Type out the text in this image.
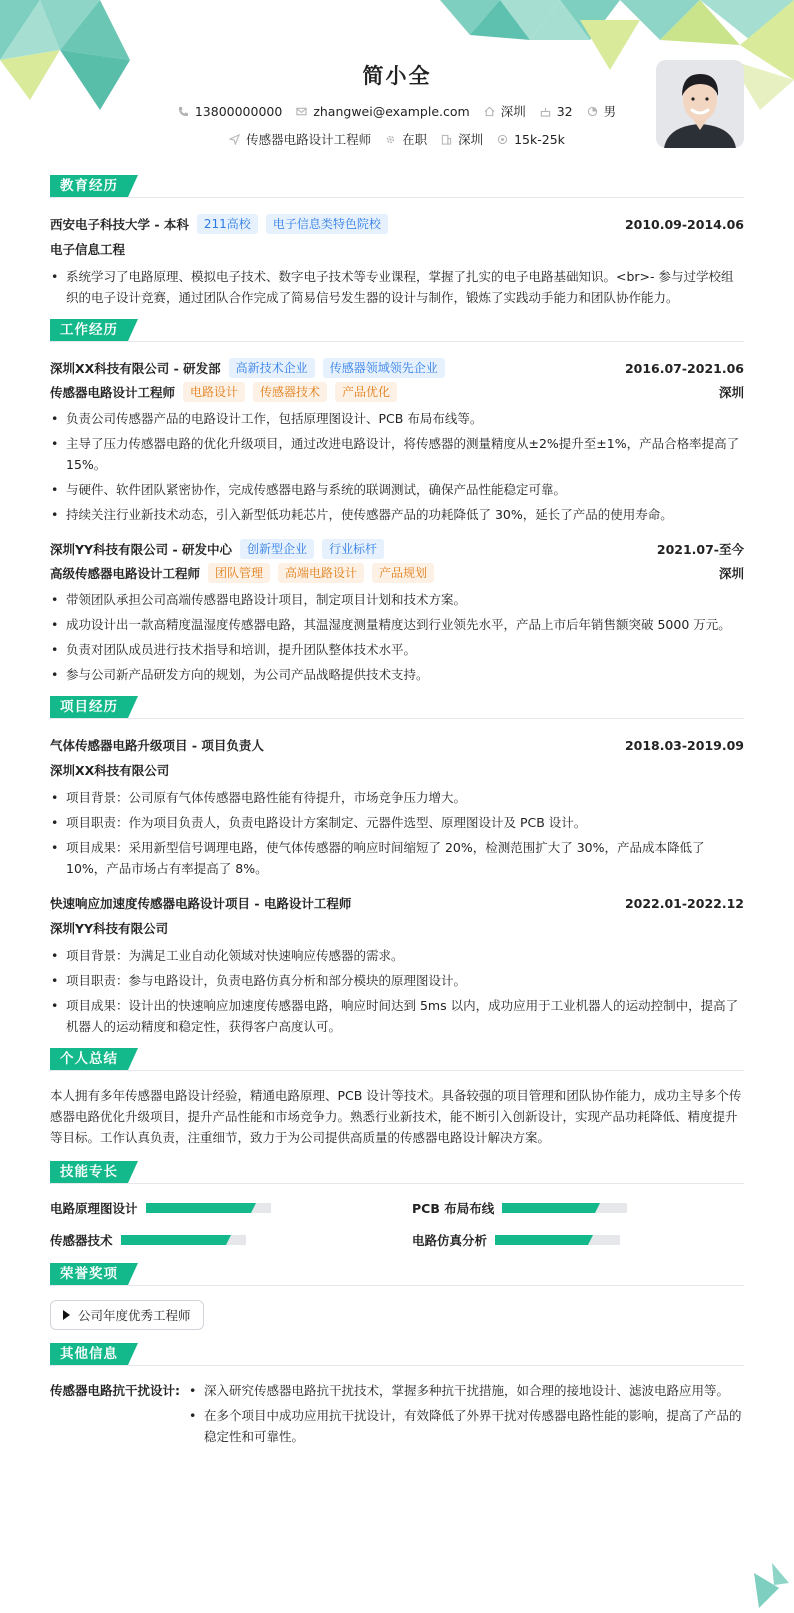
简小全
13800000000 zhangwei@example.com 深圳 32 男
传感器电路设计工程师 在职 深圳 15k-25k
教育经历
西安电子科技大学 - 本科	211高校	电子信息类特色院校	2010.09-2014.06
电子信息工程
• 系统学习了电路原理、模拟电子技术、数字电子技术等专业课程，掌握了扎实的电子电路基础知识。<br>- 参与过学校组织的电子设计竞赛，通过团队合作完成了简易信号发生器的设计与制作，锻炼了实践动手能力和团队协作能力。
工作经历
深圳XX科技有限公司 - 研发部	高新技术企业	传感器领域领先企业	2016.07-2021.06
传感器电路设计工程师	电路设计	传感器技术	产品优化	深圳
• 负责公司传感器产品的电路设计工作，包括原理图设计、PCB 布局布线等。
• 主导了压力传感器电路的优化升级项目，通过改进电路设计，将传感器的测量精度从±2%提升至±1%，产品合格率提高了15%。
• 与硬件、软件团队紧密协作，完成传感器电路与系统的联调测试，确保产品性能稳定可靠。
• 持续关注行业新技术动态，引入新型低功耗芯片，使传感器产品的功耗降低了 30%，延长了产品的使用寿命。
深圳YY科技有限公司 - 研发中心	创新型企业	行业标杆	2021.07-至今
高级传感器电路设计工程师	团队管理	高端电路设计	产品规划	深圳
• 带领团队承担公司高端传感器电路设计项目，制定项目计划和技术方案。
• 成功设计出一款高精度温湿度传感器电路，其温湿度测量精度达到行业领先水平，产品上市后年销售额突破 5000 万元。
• 负责对团队成员进行技术指导和培训，提升团队整体技术水平。
• 参与公司新产品研发方向的规划，为公司产品战略提供技术支持。
项目经历
气体传感器电路升级项目 - 项目负责人	2018.03-2019.09
深圳XX科技有限公司
• 项目背景：公司原有气体传感器电路性能有待提升，市场竞争压力增大。
• 项目职责：作为项目负责人，负责电路设计方案制定、元器件选型、原理图设计及 PCB 设计。
• 项目成果：采用新型信号调理电路，使气体传感器的响应时间缩短了 20%，检测范围扩大了 30%，产品成本降低了 10%，产品市场占有率提高了 8%。
快速响应加速度传感器电路设计项目 - 电路设计工程师	2022.01-2022.12
深圳YY科技有限公司
• 项目背景：为满足工业自动化领域对快速响应传感器的需求。
• 项目职责：参与电路设计，负责电路仿真分析和部分模块的原理图设计。
• 项目成果：设计出的快速响应加速度传感器电路，响应时间达到 5ms 以内，成功应用于工业机器人的运动控制中，提高了机器人的运动精度和稳定性，获得客户高度认可。
个人总结

本人拥有多年传感器电路设计经验，精通电路原理、PCB 设计等技术。具备较强的项目管理和团队协作能力，成功主导多个传感器电路优化升级项目，提升产品性能和市场竞争力。熟悉行业新技术，能不断引入创新设计，实现产品功耗降低、精度提升等目标。工作认真负责，注重细节，致力于为公司提供高质量的传感器电路设计解决方案。

技能专长
电路原理图设计	PCB 布局布线
传感器技术	电路仿真分析
荣誉奖项
公司年度优秀工程师
其他信息
传感器电路抗干扰设计:
•	深入研究传感器电路抗干扰技术，掌握多种抗干扰措施，如合理的接地设计、滤波电路应用等。
• 在多个项目中成功应用抗干扰设计，有效降低了外界干扰对传感器电路性能的影响，提高了产品的稳定性和可靠性。
